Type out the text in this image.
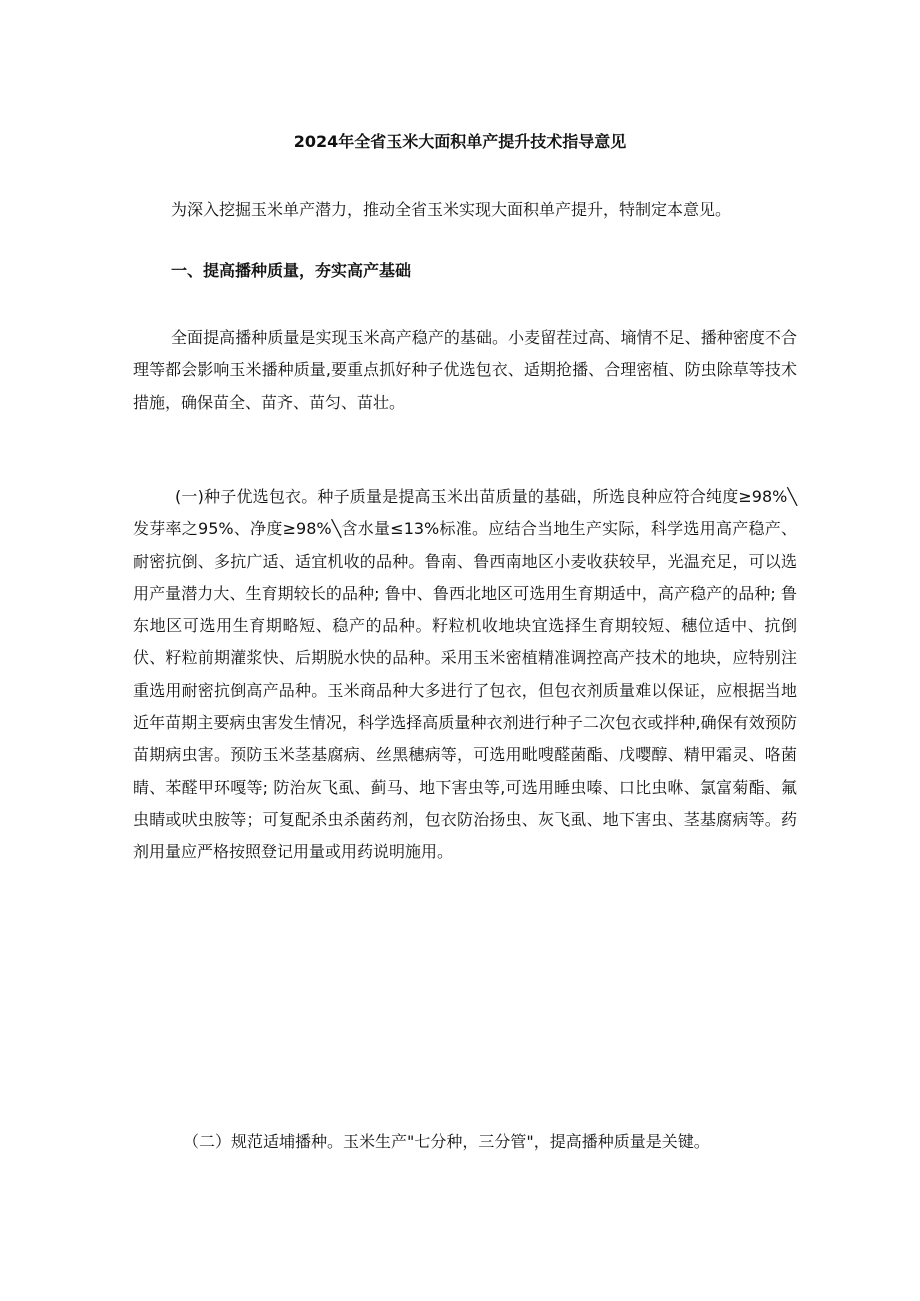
2024年全省玉米大面积单产提升技术指导意见
为深入挖掘玉米单产潜力，推动全省玉米实现大面积单产提升，特制定本意见。
一、提高播种质量，夯实高产基础
全面提高播种质量是实现玉米高产稳产的基础。小麦留茬过高、墒情不足、播种密度不合理等都会影响玉米播种质量,要重点抓好种子优选包衣、适期抢播、合理密植、防虫除草等技术措施，确保苗全、苗齐、苗匀、苗壮。
(一)种子优选包衣。种子质量是提高玉米出苗质量的基础，所选良种应符合纯度≥98%╲发芽率之95%、净度≥98%╲含水量≤13%标准。应结合当地生产实际，科学选用高产稳产、耐密抗倒、多抗广适、适宜机收的品种。鲁南、鲁西南地区小麦收获较早，光温充足，可以选用产量潜力大、生育期较长的品种; 鲁中、鲁西北地区可选用生育期适中，高产稳产的品种; 鲁东地区可选用生育期略短、稳产的品种。籽粒机收地块宜选择生育期较短、穗位适中、抗倒伏、籽粒前期灌浆快、后期脱水快的品种。采用玉米密植精准调控高产技术的地块，应特别注重选用耐密抗倒高产品种。玉米商品种大多进行了包衣，但包衣剂质量难以保证，应根据当地近年苗期主要病虫害发生情况，科学选择高质量种衣剂进行种子二次包衣或拌种,确保有效预防苗期病虫害。预防玉米茎基腐病、丝黑穗病等，可选用毗嗖醛菌酯、戊嘤醇、精甲霜灵、咯菌睛、苯醛甲环嘎等; 防治灰飞虱、蓟马、地下害虫等,可选用睡虫嗪、口比虫咻、氯富菊酯、氟虫睛或吠虫胺等；可复配杀虫杀菌药剂，包衣防治扬虫、灰飞虱、地下害虫、茎基腐病等。药剂用量应严格按照登记用量或用药说明施用。
（二）规范适埔播种。玉米生产"七分种，三分管"，提高播种质量是关键。
